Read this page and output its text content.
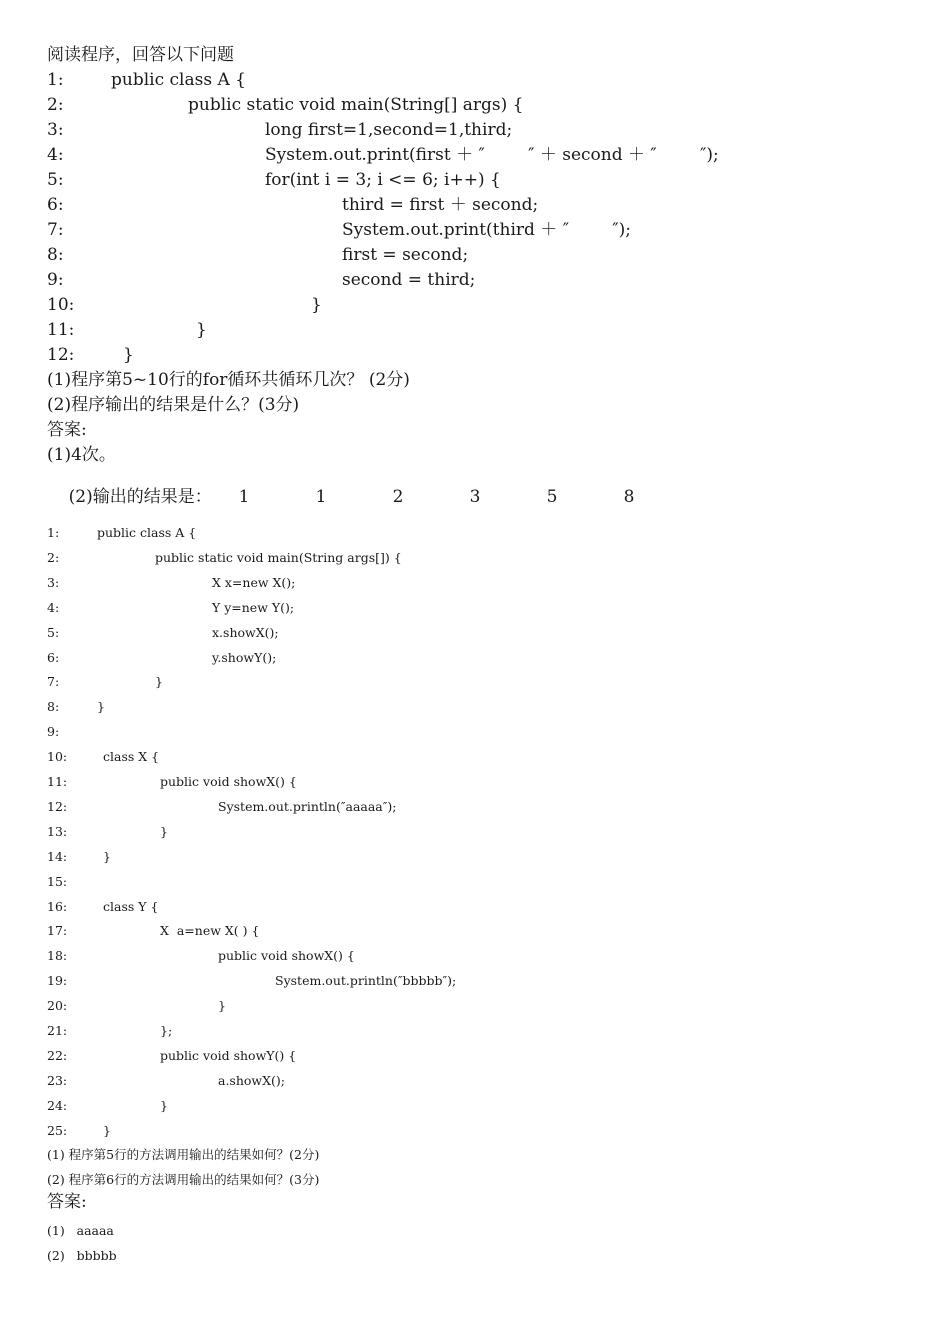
阅读程序，回答以下问题
1:	public class A {
2:	public static void main(String[] args) {
3:	long first=1,second=1,third;
4:	System.out.print(first ＋ ″        ″ ＋ second ＋ ″        ″);
5:	for(int i = 3; i <= 6; i++) {
6:	third = first ＋ second;
7:	System.out.print(third ＋ ″        ″);
8:	first = second;
9:	second = third;
10:	}
11:	}
12:	}
(1)程序第5~10行的for循环共循环几次？ (2分)
(2)程序输出的结果是什么？(3分)
答案:
(1)4次。

(2)输出的结果是： 1	1	2	3	5	8

1:	public class A {
2:	public static void main(String args[]) {
3:	X x=new X();
4:	Y y=new Y();
5:	x.showX();
6:	y.showY();
7:	}
8:	}
9:
10:	class X {
11:	public void showX() {
12:	System.out.println(″aaaaa″);
13:	}
14:	}
15:
16:	class Y {
17:	X  a=new X( ) {
18:	public void showX() {
19:	System.out.println(″bbbbb″);
20:	}
21:	};
22:	public void showY() {
23:	a.showX();
24:	}
25:	}
(1) 程序第5行的方法调用输出的结果如何？(2分)
(2) 程序第6行的方法调用输出的结果如何？(3分)
答案:
(1)   aaaaa
(2)   bbbbb
